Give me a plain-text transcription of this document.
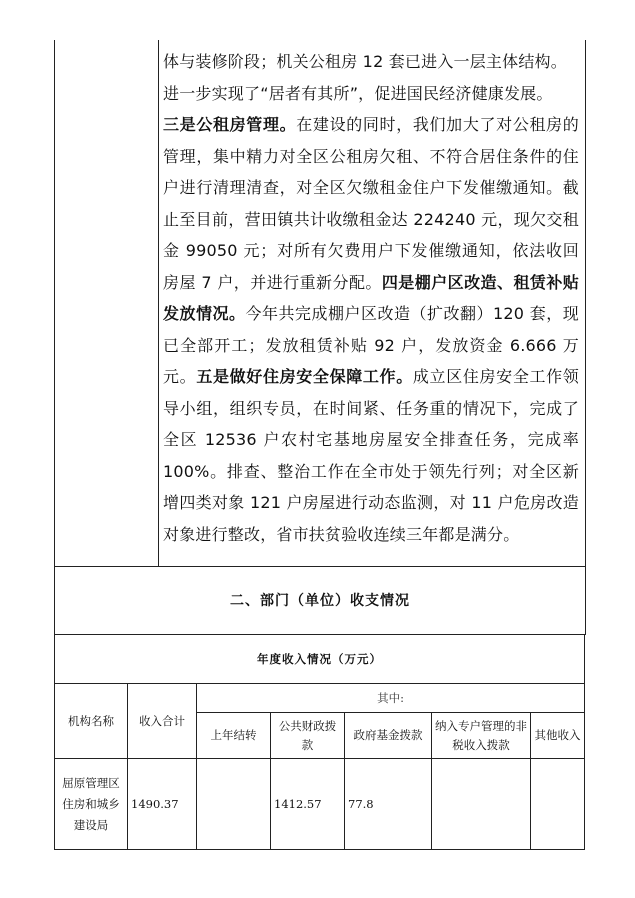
体与装修阶段；机关公租房 12 套已进入一层主体结构。
进一步实现了“居者有其所”，促进国民经济健康发展。
三是公租房管理。在建设的同时，我们加大了对公租房的管理，集中精力对全区公租房欠租、不符合居住条件的住户进行清理清查，对全区欠缴租金住户下发催缴通知。截止至目前，营田镇共计收缴租金达 224240 元，现欠交租金 99050 元；对所有欠费用户下发催缴通知，依法收回房屋 7 户，并进行重新分配。四是棚户区改造、租赁补贴发放情况。今年共完成棚户区改造（扩改翻）120 套，现已全部开工；发放租赁补贴 92 户，发放资金 6.666 万元。五是做好住房安全保障工作。成立区住房安全工作领导小组，组织专员，在时间紧、任务重的情况下，完成了全区 12536 户农村宅基地房屋安全排查任务，完成率 100%。排查、整治工作在全市处于领先行列；对全区新增四类对象 121 户房屋进行动态监测，对 11 户危房改造对象进行整改，省市扶贫验收连续三年都是满分。
二、部门（单位）收支情况
年度收入情况（万元）						
机构名称	收入合计	其中:				
		上年结转	公共财政拨款	政府基金拨款	纳入专户管理的非税收入拨款	其他收入
屈原管理区住房和城乡建设局	1490.37		1412.57	77.8		
